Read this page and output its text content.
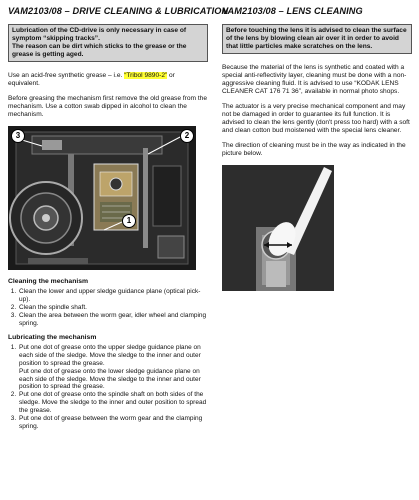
VAM2103/08 – DRIVE CLEANING & LUBRICATION
Lubrication of the CD-drive is only necessary in case of symptom “skipping tracks”.
The reason can be dirt which sticks to the grease or the grease is getting aged.

Use an acid-free synthetic grease – i.e. “Tribol 9890-2” or equivalent.

Before greasing the mechanism first remove the old grease from the mechanism. Use a cotton swab dipped in alcohol to clean the mechanism.

3	2
1
Cleaning the mechanism
1. Clean the lower and upper sledge guidance plane (optical pick-up).
2. Clean the spindle shaft.
3. Clean the area between the worm gear, idler wheel and clamping spring.
Lubricating the mechanism
1. Put one dot of grease onto the upper sledge guidance plane on each side of the sledge. Move the sledge to the inner and outer position to spread the grease.
Put one dot of grease onto the lower sledge guidance plane on each side of the sledge. Move the sledge to the inner and outer position to spread the grease.
2. Put one dot of grease onto the spindle shaft on both sides of the sledge. Move the sledge to the inner and outer position to spread the grease.
3. Put one dot of grease between the worm gear and the clamping spring.
VAM2103/08 – LENS CLEANING
Before touching the lens it is advised to clean the surface of the lens by blowing clean air over it in order to avoid that little particles make scratches on the lens.

Because the material of the lens is synthetic and coated with a special anti-reflectivity layer, cleaning must be done with a non-aggressive cleaning fluid. It is advised to use “KODAK LENS CLEANER CAT 176 71 36”, available in normal photo shops.

The actuator is a very precise mechanical component and may not be damaged in order to guarantee its full function. It is advised to clean the lens gently (don't press too hard) with a soft and clean cotton bud moistened with the special lens cleaner.

The direction of cleaning must be in the way as indicated in the picture below.
